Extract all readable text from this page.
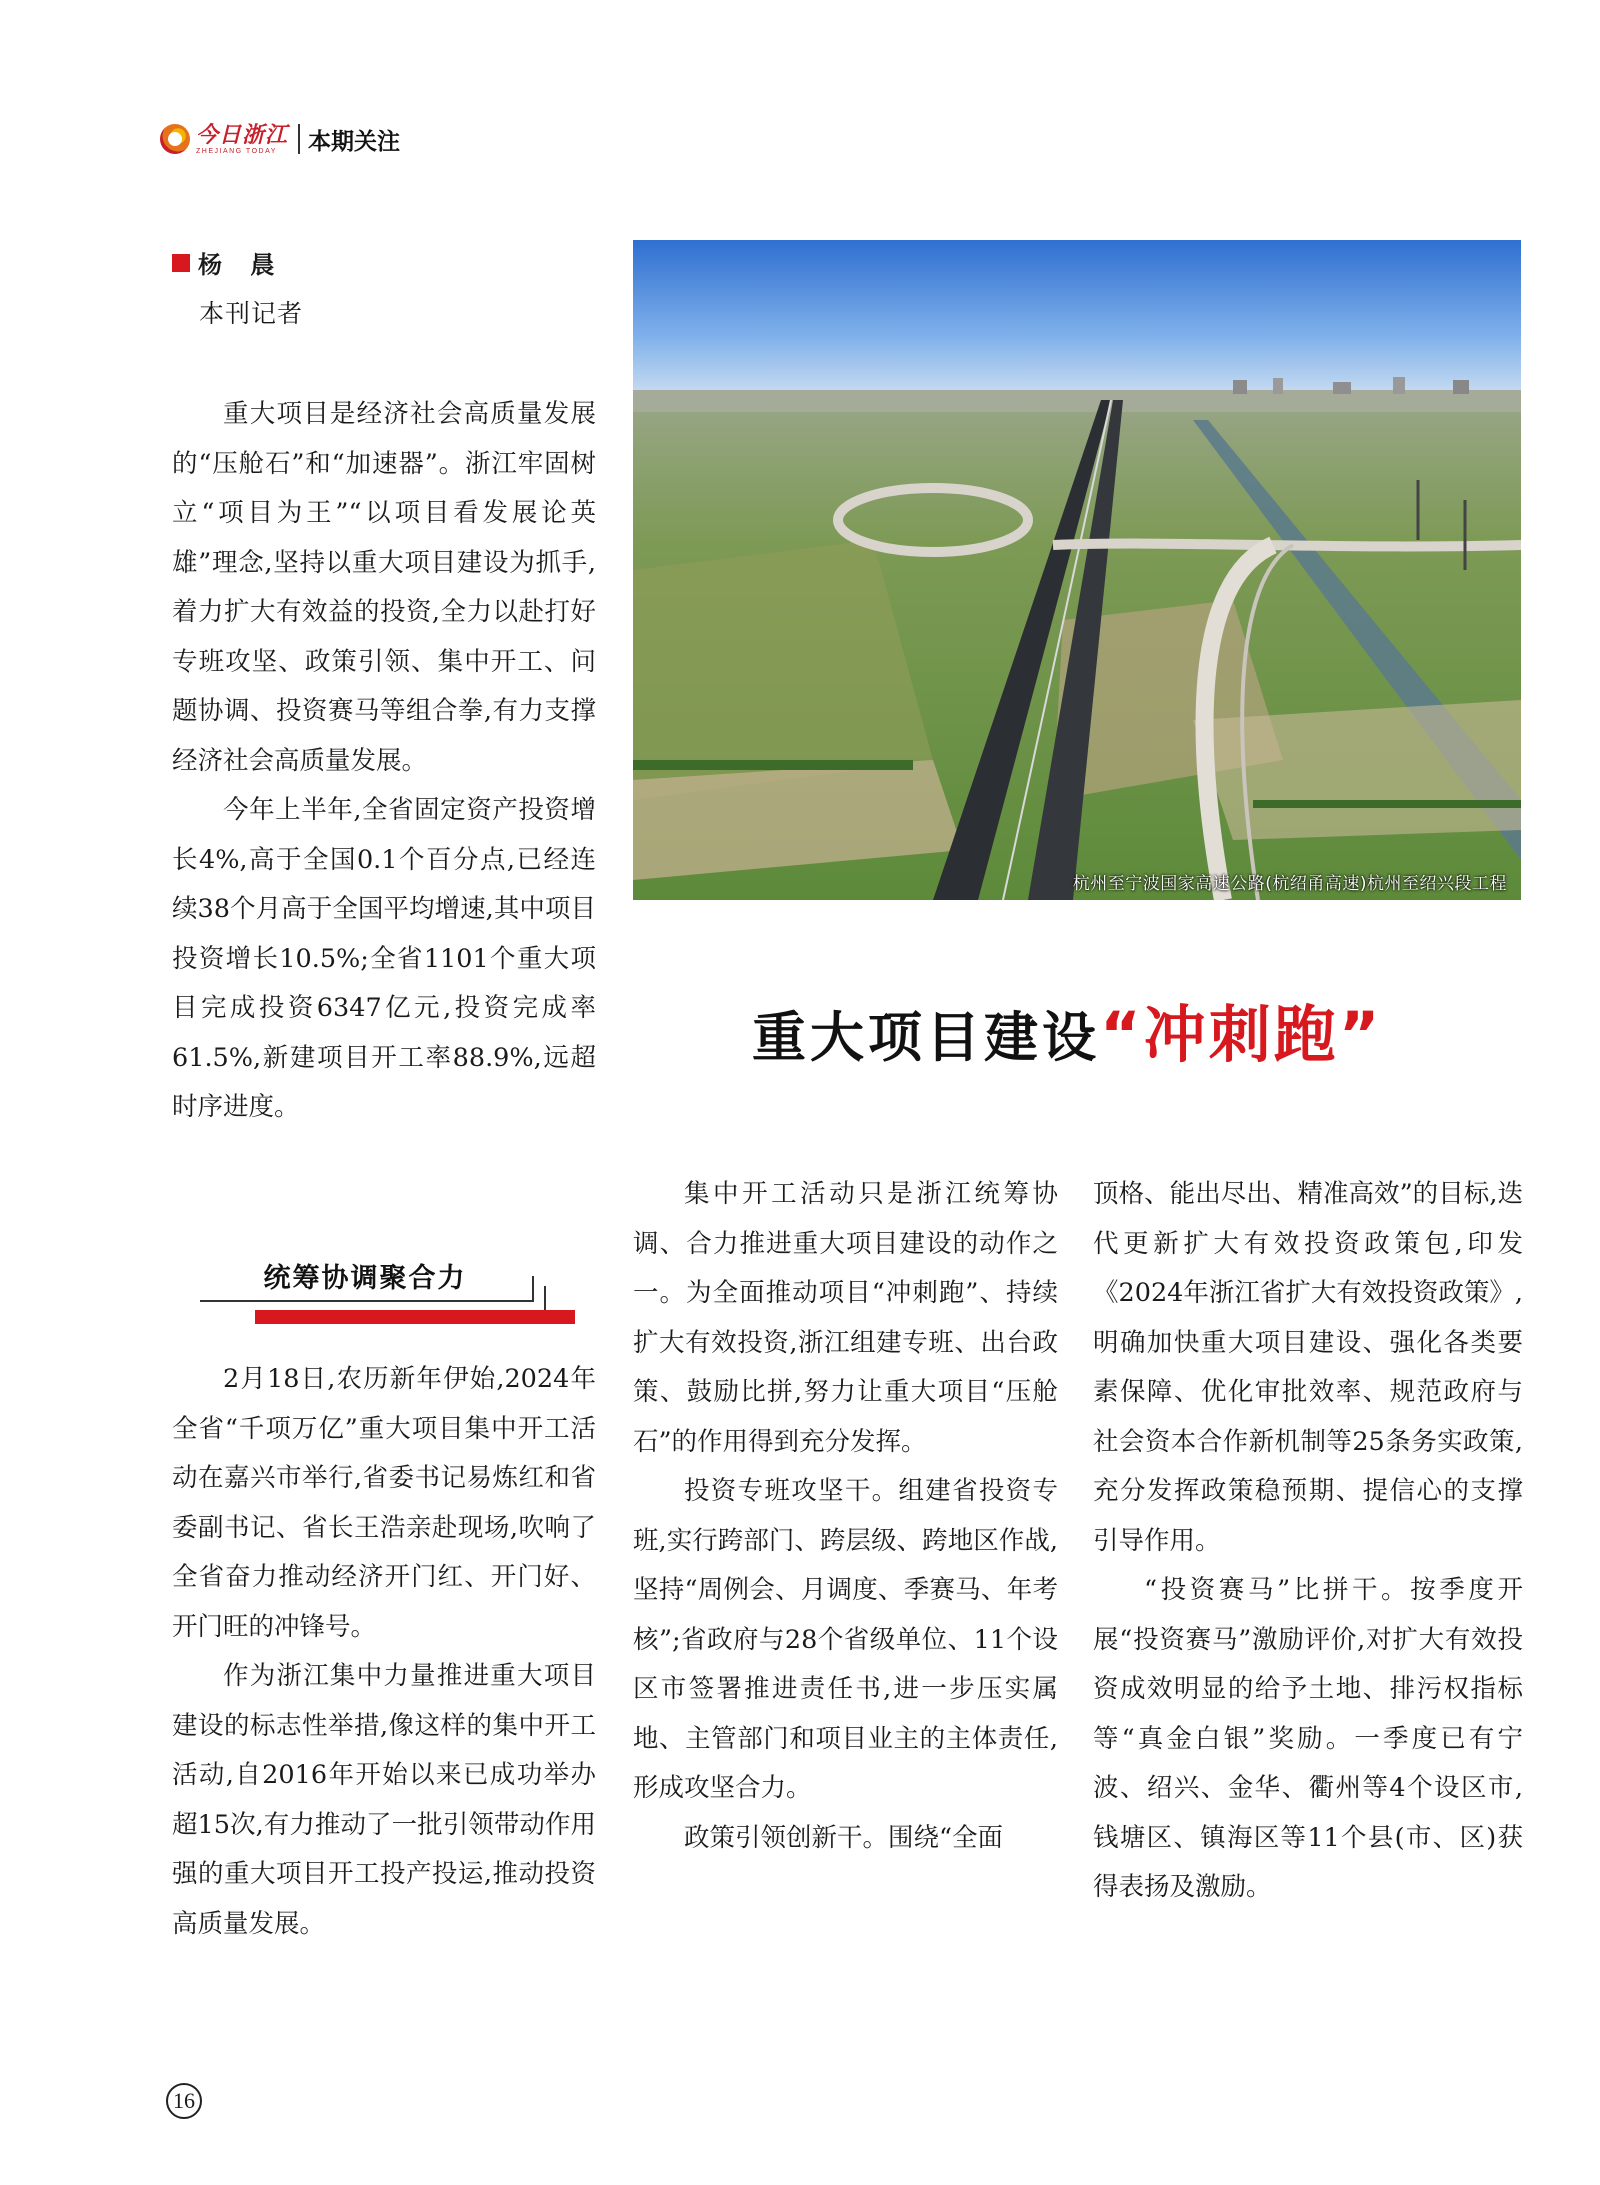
今日浙江
ZHEJIANG TODAY	本期关注
杨 晨
本刊记者

重大项目是经济社会高质量发展的“压舱石”和“加速器”。浙江牢固树立“项目为王”“以项目看发展论英雄”理念,坚持以重大项目建设为抓手,着力扩大有效益的投资,全力以赴打好专班攻坚、政策引领、集中开工、问题协调、投资赛马等组合拳,有力支撑经济社会高质量发展。

今年上半年,全省固定资产投资增长4%,高于全国0.1个百分点,已经连续38个月高于全国平均增速,其中项目投资增长10.5%;全省1101个重大项目完成投资6347亿元,投资完成率61.5%,新建项目开工率88.9%,远超时序进度。

统筹协调聚合力

2月18日,农历新年伊始,2024年全省“千项万亿”重大项目集中开工活动在嘉兴市举行,省委书记易炼红和省委副书记、省长王浩亲赴现场,吹响了全省奋力推动经济开门红、开门好、开门旺的冲锋号。

作为浙江集中力量推进重大项目建设的标志性举措,像这样的集中开工活动,自2016年开始以来已成功举办超15次,有力推动了一批引领带动作用强的重大项目开工投产投运,推动投资高质量发展。

杭州至宁波国家高速公路(杭绍甬高速)杭州至绍兴段工程
重大项目建设 “冲刺跑”

集中开工活动只是浙江统筹协调、合力推进重大项目建设的动作之一。为全面推动项目“冲刺跑”、持续扩大有效投资,浙江组建专班、出台政策、鼓励比拼,努力让重大项目“压舱石”的作用得到充分发挥。

投资专班攻坚干。组建省投资专班,实行跨部门、跨层级、跨地区作战,坚持“周例会、月调度、季赛马、年考核”;省政府与28个省级单位、11个设区市签署推进责任书,进一步压实属地、主管部门和项目业主的主体责任,形成攻坚合力。

政策引领创新干。围绕“全面

顶格、能出尽出、精准高效”的目标,迭代更新扩大有效投资政策包,印发《2024年浙江省扩大有效投资政策》,明确加快重大项目建设、强化各类要素保障、优化审批效率、规范政府与社会资本合作新机制等25条务实政策,充分发挥政策稳预期、提信心的支撑引导作用。

“投资赛马”比拼干。按季度开展“投资赛马”激励评价,对扩大有效投资成效明显的给予土地、排污权指标等“真金白银”奖励。一季度已有宁波、绍兴、金华、衢州等4个设区市,钱塘区、镇海区等11个县(市、区)获得表扬及激励。

16
